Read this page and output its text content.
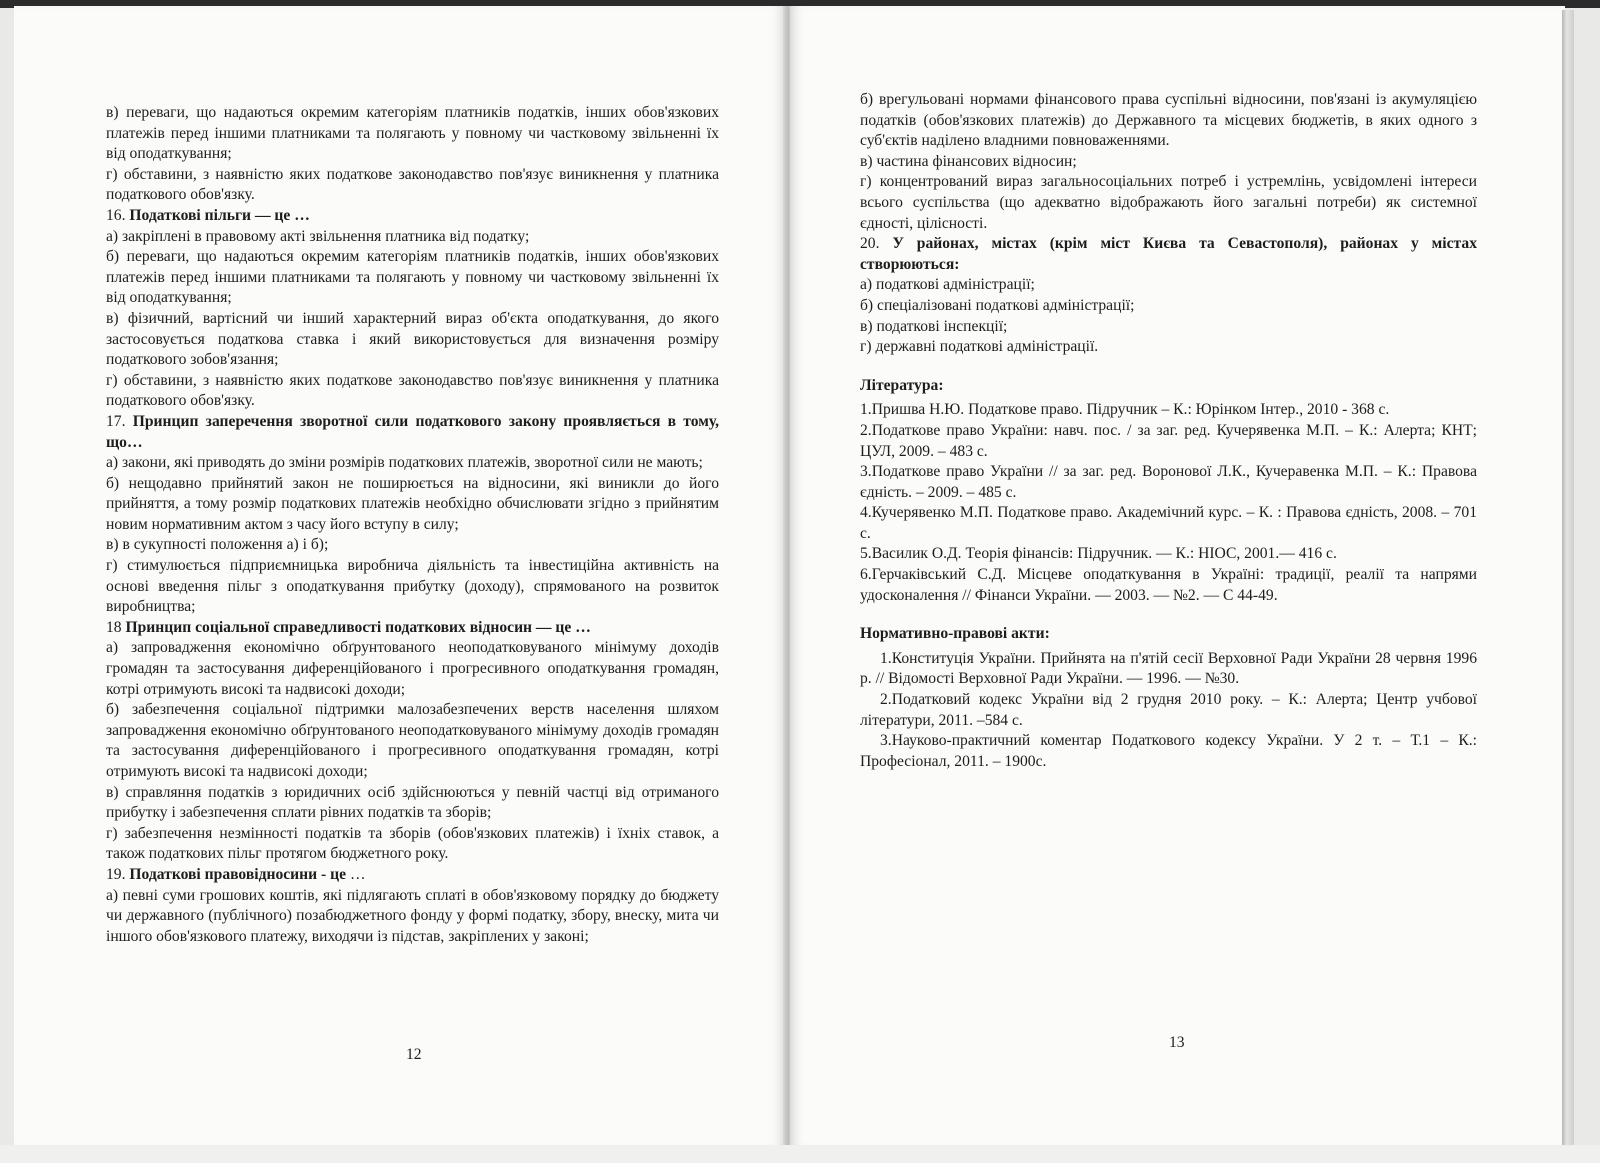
в) переваги, що надаються окремим категоріям платників податків, інших обов'язкових платежів перед іншими платниками та полягають у повному чи частковому звільненні їх від оподаткування;

г) обставини, з наявністю яких податкове законодавство пов'язує виникнення у платника податкового обов'язку.

16. Податкові пільги — це …

а) закріплені в правовому акті звільнення платника від податку;

б) переваги, що надаються окремим категоріям платників податків, інших обов'язкових платежів перед іншими платниками та полягають у повному чи частковому звільненні їх від оподаткування;

в) фізичний, вартісний чи інший характерний вираз об'єкта оподаткування, до якого застосовується податкова ставка і який використовується для визначення розміру податкового зобов'язання;

г) обставини, з наявністю яких податкове законодавство пов'язує виникнення у платника податкового обов'язку.

17. Принцип заперечення зворотної сили податкового закону проявляється в тому, що…

а) закони, які приводять до зміни розмірів податкових платежів, зворотної сили не мають;

б) нещодавно прийнятий закон не поширюється на відносини, які виникли до його прийняття, а тому розмір податкових платежів необхідно обчислювати згідно з прийнятим новим нормативним актом з часу його вступу в силу;

в) в сукупності положення а) і б);

г) стимулюється підприємницька виробнича діяльність та інвестиційна активність на основі введення пільг з оподаткування прибутку (доходу), спрямованого на розвиток виробництва;

18 Принцип соціальної справедливості податкових відносин — це …

а) запровадження економічно обґрунтованого неоподатковуваного мінімуму доходів громадян та застосування диференційованого і прогресивного оподаткування громадян, котрі отримують високі та надвисокі доходи;

б) забезпечення соціальної підтримки малозабезпечених верств населення шляхом запровадження економічно обґрунтованого неоподатковуваного мінімуму доходів громадян та застосування диференційованого і прогресивного оподаткування громадян, котрі отримують високі та надвисокі доходи;

в) справляння податків з юридичних осіб здійснюються у певній частці від отриманого прибутку і забезпечення сплати рівних податків та зборів;

г) забезпечення незмінності податків та зборів (обов'язкових платежів) і їхніх ставок, а також податкових пільг протягом бюджетного року.

19. Податкові правовідносини - це …

а) певні суми грошових коштів, які підлягають сплаті в обов'язковому порядку до бюджету чи державного (публічного) позабюджетного фонду у формі податку, збору, внеску, мита чи іншого обов'язкового платежу, виходячи із підстав, закріплених у законі;

12

б) врегульовані нормами фінансового права суспільні відносини, пов'язані із акумуляцією податків (обов'язкових платежів) до Державного та місцевих бюджетів, в яких одного з суб'єктів наділено владними повноваженнями.

в) частина фінансових відносин;

г) концентрований вираз загальносоціальних потреб і устремлінь, усвідомлені інтереси всього суспільства (що адекватно відображають його загальні потреби) як системної єдності, цілісності.

20. У районах, містах (крім міст Києва та Севастополя), районах у містах створюються:

а) податкові адміністрації;

б) спеціалізовані податкові адміністрації;

в) податкові інспекції;

г) державні податкові адміністрації.

Література:

1.Пришва Н.Ю. Податкове право. Підручник – К.: Юрінком Інтер., 2010 - 368 с.

2.Податкове право України: навч. пос. / за заг. ред. Кучерявенка М.П. – К.: Алерта; КНТ; ЦУЛ, 2009. – 483 с.

3.Податкове право України // за заг. ред. Воронової Л.К., Кучеравенка М.П. – К.: Правова єдність. – 2009. – 485 с.

4.Кучерявенко М.П. Податкове право. Академічний курс. – К. : Правова єдність, 2008. – 701 с.

5.Василик О.Д. Теорія фінансів: Підручник. — К.: НІОС, 2001.— 416 с.

6.Герчаківський С.Д. Місцеве оподаткування в Україні: традиції, реалії та напрями удосконалення // Фінанси України. — 2003. — №2. — С 44-49.

Нормативно-правові акти:

1.Конституція України. Прийнята на п'ятій сесії Верховної Ради України 28 червня 1996 р. // Відомості Верховної Ради України. — 1996. — №30.

2.Податковий кодекс України від 2 грудня 2010 року. – К.: Алерта; Центр учбової літератури, 2011. –584 с.

3.Науково-практичний коментар Податкового кодексу України. У 2 т. – Т.1 – К.: Професіонал, 2011. – 1900с.

13
